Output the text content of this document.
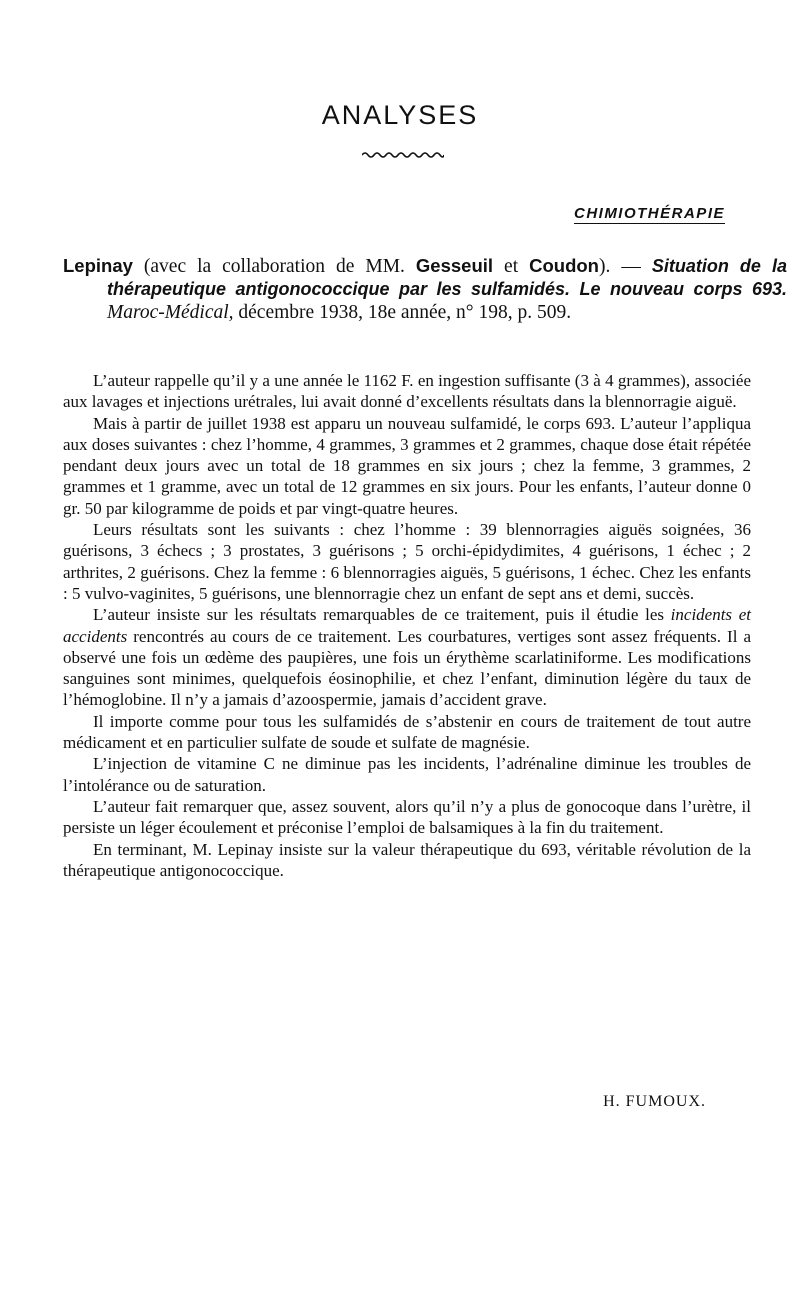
ANALYSES
CHIMIOTHÉRAPIE
Lepinay (avec la collaboration de MM. Gesseuil et Coudon). — Situation de la thérapeutique antigonococcique par les sulfamidés. Le nouveau corps 693. Maroc-Médical, décembre 1938, 18e année, n° 198, p. 509.

L’auteur rappelle qu’il y a une année le 1162 F. en ingestion suffisante (3 à 4 grammes), associée aux lavages et injections urétrales, lui avait donné d’excellents résultats dans la blennorragie aiguë.

Mais à partir de juillet 1938 est apparu un nouveau sulfamidé, le corps 693. L’auteur l’appliqua aux doses suivantes : chez l’homme, 4 grammes, 3 grammes et 2 grammes, chaque dose était répétée pendant deux jours avec un total de 18 grammes en six jours ; chez la femme, 3 grammes, 2 grammes et 1 gramme, avec un total de 12 grammes en six jours. Pour les enfants, l’auteur donne 0 gr. 50 par kilogramme de poids et par vingt-quatre heures.

Leurs résultats sont les suivants : chez l’homme : 39 blennorragies aiguës soignées, 36 guérisons, 3 échecs ; 3 prostates, 3 guérisons ; 5 orchi-épidydimites, 4 guérisons, 1 échec ; 2 arthrites, 2 guérisons. Chez la femme : 6 blennorragies aiguës, 5 guérisons, 1 échec. Chez les enfants : 5 vulvo-vaginites, 5 guérisons, une blennorragie chez un enfant de sept ans et demi, succès.

L’auteur insiste sur les résultats remarquables de ce traitement, puis il étudie les incidents et accidents rencontrés au cours de ce traitement. Les courbatures, vertiges sont assez fréquents. Il a observé une fois un œdème des paupières, une fois un érythème scarlatiniforme. Les modifications sanguines sont minimes, quelquefois éosinophilie, et chez l’enfant, diminution légère du taux de l’hémoglobine. Il n’y a jamais d’azoospermie, jamais d’accident grave.

Il importe comme pour tous les sulfamidés de s’abstenir en cours de traitement de tout autre médicament et en particulier sulfate de soude et sulfate de magnésie.

L’injection de vitamine C ne diminue pas les incidents, l’adrénaline diminue les troubles de l’intolérance ou de saturation.

L’auteur fait remarquer que, assez souvent, alors qu’il n’y a plus de gonocoque dans l’urètre, il persiste un léger écoulement et préconise l’emploi de balsamiques à la fin du traitement.

En terminant, M. Lepinay insiste sur la valeur thérapeutique du 693, véritable révolution de la thérapeutique antigonococcique.

H. FUMOUX.
